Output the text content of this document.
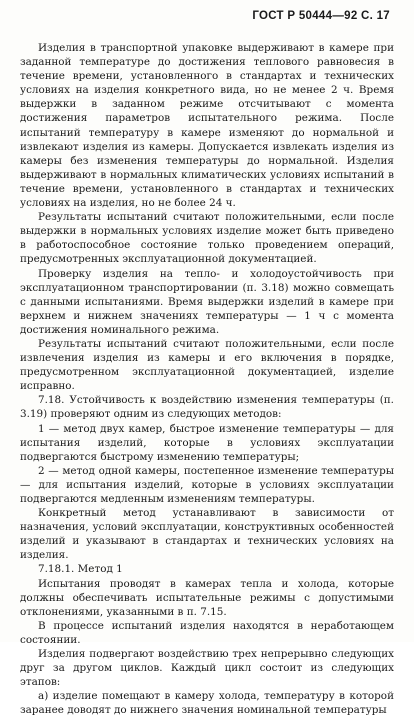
ГОСТ Р 50444—92 С. 17

Изделия в транспортной упаковке выдерживают в камере при заданной температуре до достижения теплового равновесия в течение времени, установленного в стандартах и технических условиях на изделия конкретного вида, но не менее 2 ч. Время выдержки в заданном режиме отсчитывают с момента достижения параметров испытательного режима. После испытаний температуру в камере изменяют до нормальной и извлекают изделия из камеры. Допускается извлекать изделия из камеры без изменения температуры до нормальной. Изделия выдерживают в нормальных климатических условиях испытаний в течение времени, установленного в стандартах и технических условиях на изделия, но не более 24 ч.

Результаты испытаний считают положительными, если после выдержки в нормальных условиях изделие может быть приведено в работоспособное состояние только проведением операций, предусмотренных эксплуатационной документацией.

Проверку изделия на тепло- и холодоустойчивость при эксплуатационном транспортировании (п. 3.18) можно совмещать с данными испытаниями. Время выдержки изделий в камере при верхнем и нижнем значениях температуры — 1 ч с момента достижения номинального режима.

Результаты испытаний считают положительными, если после извлечения изделия из камеры и его включения в порядке, предусмотренном эксплуатационной документацией, изделие исправно.

7.18. Устойчивость к воздействию изменения температуры (п. 3.19) проверяют одним из следующих методов:

1 — метод двух камер, быстрое изменение температуры — для испытания изделий, которые в условиях эксплуатации подвергаются быстрому изменению температуры;

2 — метод одной камеры, постепенное изменение температуры — для испытания изделий, которые в условиях эксплуатации подвергаются медленным изменениям температуры.

Конкретный метод устанавливают в зависимости от назначения, условий эксплуатации, конструктивных особенностей изделий и указывают в стандартах и технических условиях на изделия.

7.18.1. Метод 1

Испытания проводят в камерах тепла и холода, которые должны обеспечивать испытательные режимы с допустимыми отклонениями, указанными в п. 7.15.

В процессе испытаний изделия находятся в неработающем состоянии.

Изделия подвергают воздействию трех непрерывно следующих друг за другом циклов. Каждый цикл состоит из следующих этапов:

а) изделие помещают в камеру холода, температуру в которой заранее доводят до нижнего значения номинальной температуры
